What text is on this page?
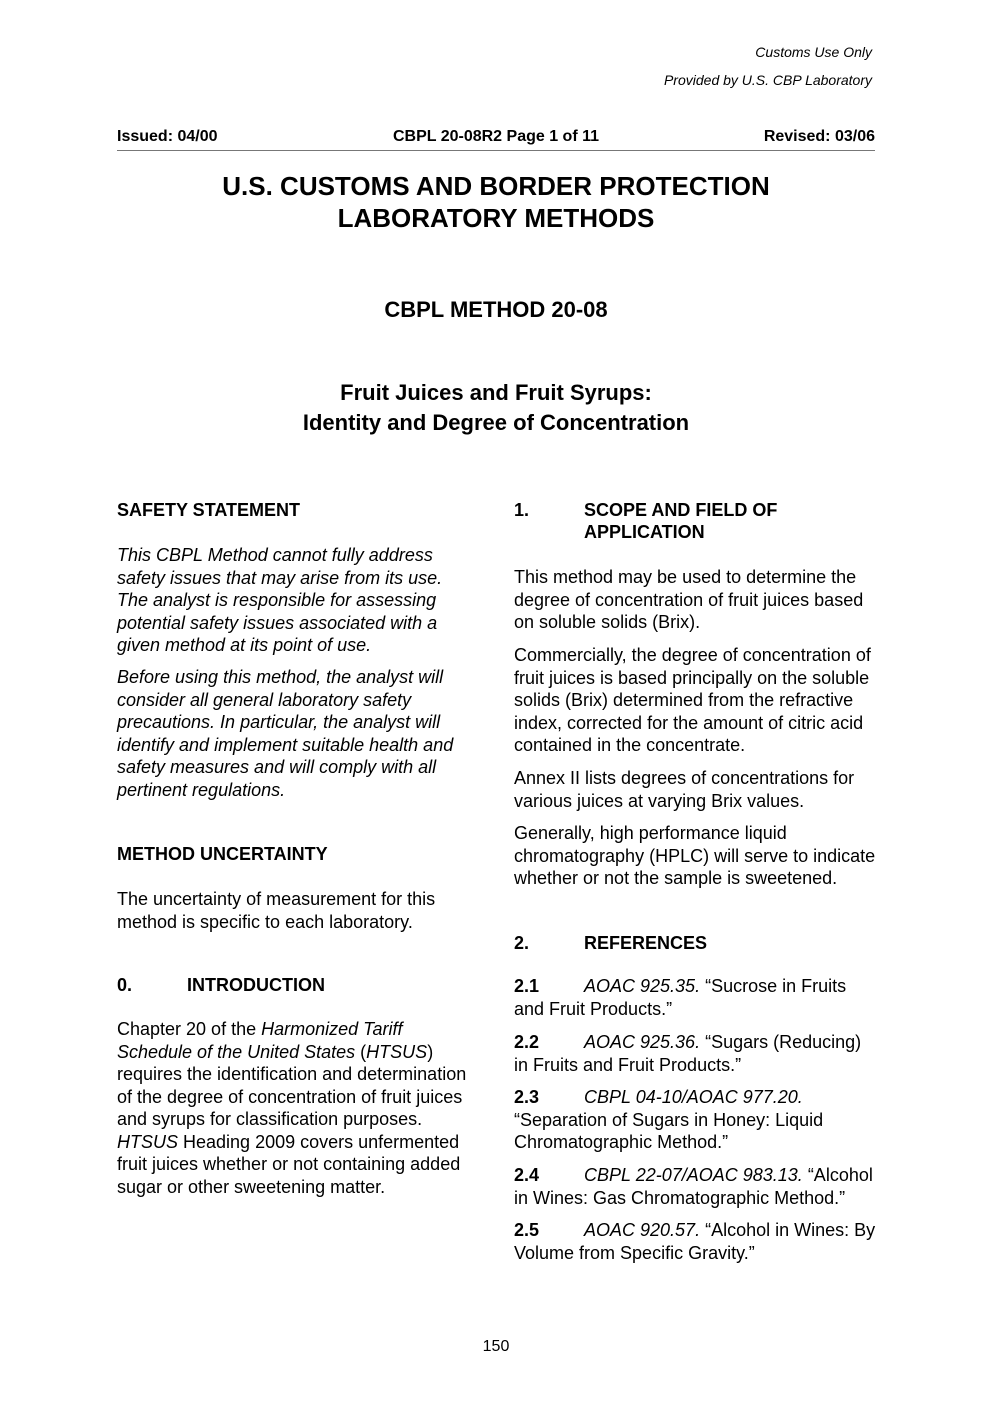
Customs Use Only
Provided by U.S. CBP Laboratory
Issued: 04/00	CBPL 20-08R2 Page 1 of 11	Revised: 03/06
U.S. CUSTOMS AND BORDER PROTECTION
LABORATORY METHODS
CBPL METHOD 20-08
Fruit Juices and Fruit Syrups:
Identity and Degree of Concentration
SAFETY STATEMENT

This CBPL Method cannot fully address safety issues that may arise from its use. The analyst is responsible for assessing potential safety issues associated with a given method at its point of use.

Before using this method, the analyst will consider all general laboratory safety precautions. In particular, the analyst will identify and implement suitable health and safety measures and will comply with all pertinent regulations.

METHOD UNCERTAINTY

The uncertainty of measurement for this method is specific to each laboratory.

0.	INTRODUCTION

Chapter 20 of the Harmonized Tariff Schedule of the United States (HTSUS) requires the identification and determination of the degree of concentration of fruit juices and syrups for classification purposes. HTSUS Heading 2009 covers unfermented fruit juices whether or not containing added sugar or other sweetening matter.

1.	SCOPE AND FIELD OF
APPLICATION

This method may be used to determine the degree of concentration of fruit juices based on soluble solids (Brix).

Commercially, the degree of concentration of fruit juices is based principally on the soluble solids (Brix) determined from the refractive index, corrected for the amount of citric acid contained in the concentrate.

Annex II lists degrees of concentrations for various juices at varying Brix values.

Generally, high performance liquid chromatography (HPLC) will serve to indicate whether or not the sample is sweetened.

2.	REFERENCES

2.1 AOAC 925.35. “Sucrose in Fruits and Fruit Products.”

2.2 AOAC 925.36. “Sugars (Reducing) in Fruits and Fruit Products.”

2.3 CBPL 04-10/AOAC 977.20. “Separation of Sugars in Honey: Liquid Chromatographic Method.”

2.4 CBPL 22-07/AOAC 983.13. “Alcohol in Wines: Gas Chromatographic Method.”

2.5 AOAC 920.57. “Alcohol in Wines: By Volume from Specific Gravity.”

150
